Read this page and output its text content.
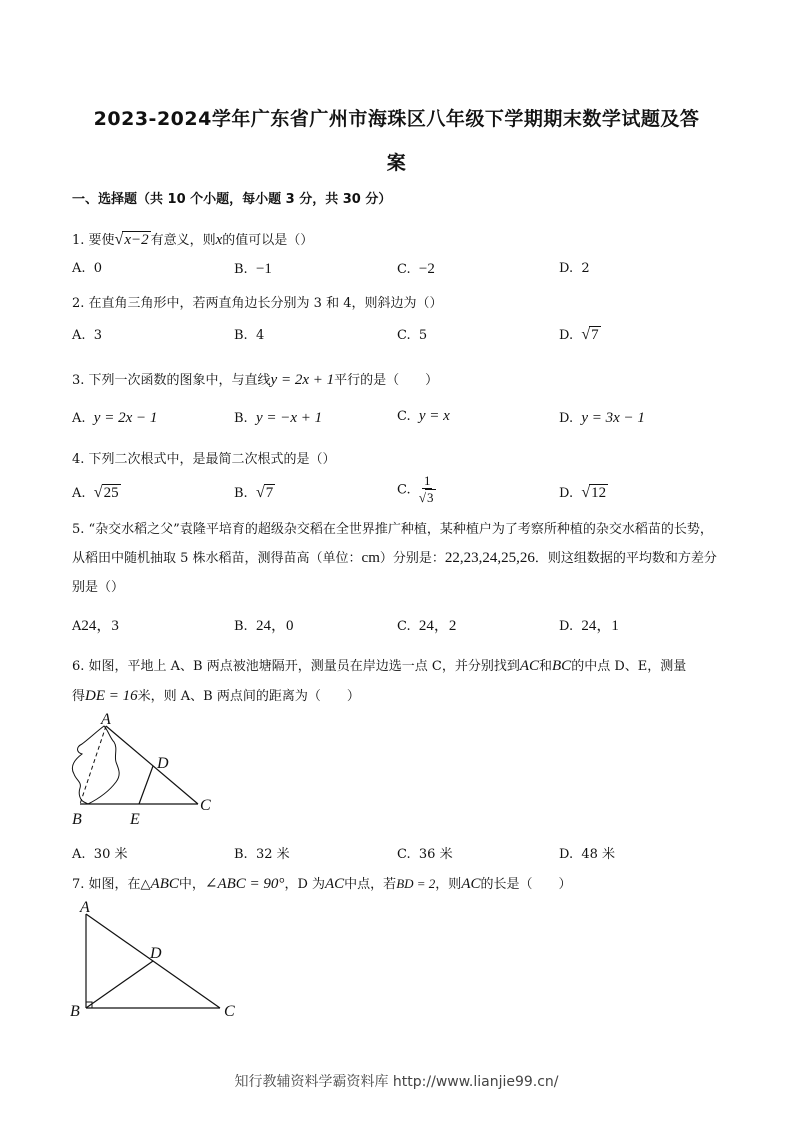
2023-2024学年广东省广州市海珠区八年级下学期期末数学试题及答
案
一、选择题（共 10 个小题，每小题 3 分，共 30 分）
1. 要使√x−2 有意义，则x的值可以是（）
A. 0	B. −1	C. −2	D. 2
2. 在直角三角形中，若两直角边长分别为 3 和 4，则斜边为（）
A. 3	B. 4	C. 5	D. √7
3. 下列一次函数的图象中，与直线y = 2x + 1平行的是（　　）
A. y = 2x − 1	B. y = −x + 1	C. y = x	D. y = 3x − 1
4. 下列二次根式中，是最简二次根式的是（）
A. √25	B. √7	C. $\frac{1}{√3}$	D. √12
5. “杂交水稻之父”袁隆平培育的超级杂交稻在全世界推广种植，某种植户为了考察所种植的杂交水稻苗的长势，从稻田中随机抽取 5 株水稻苗，测得苗高（单位：cm）分别是：22,23,24,25,26．则这组数据的平均数和方差分别是（）
A24，3	B. 24，0	C. 24，2	D. 24，1
6. 如图，平地上 A、B 两点被池塘隔开，测量员在岸边选一点 C，并分别找到AC和BC的中点 D、E，测量
得DE = 16米，则 A、B 两点间的距离为（　　）
A
B
C
D
E
A. 30 米	B. 32 米	C. 36 米	D. 48 米
7. 如图，在△ABC中，∠ABC = 90°，D 为AC中点，若BD = 2，则AC的长是（　　）
A
B	C
D
知行教辅资料学霸资料库 http://www.lianjie99.cn/
